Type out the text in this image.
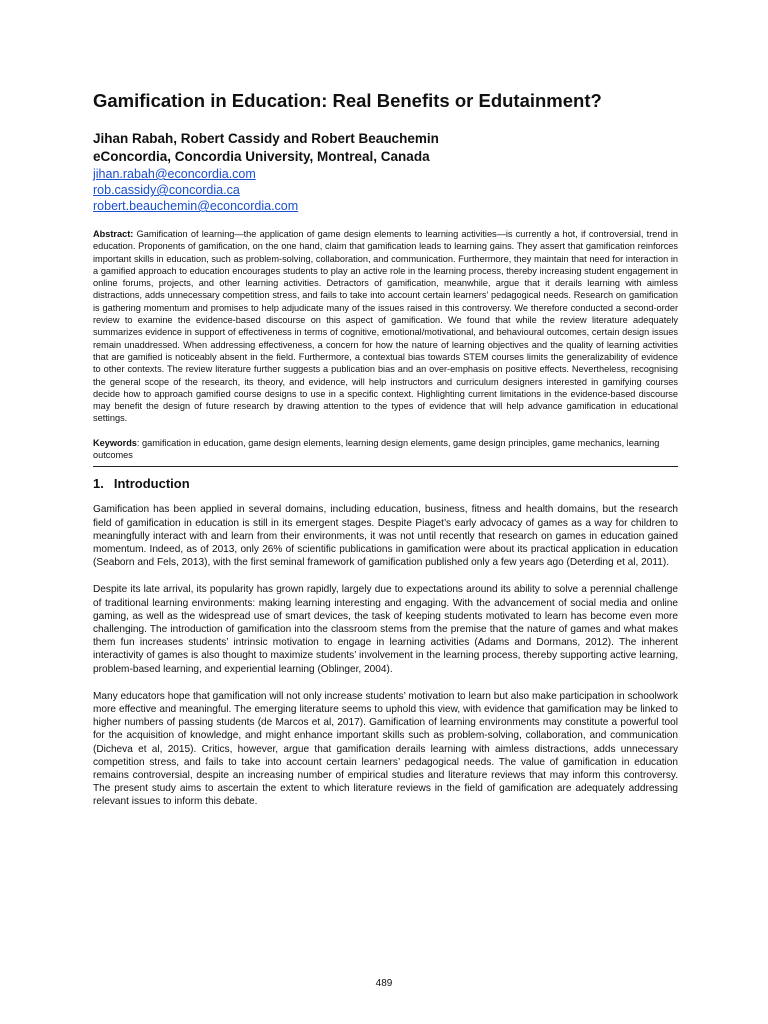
Gamification in Education: Real Benefits or Edutainment?

Jihan Rabah, Robert Cassidy and Robert Beauchemin

eConcordia, Concordia University, Montreal, Canada

jihan.rabah@econcordia.com
rob.cassidy@concordia.ca
robert.beauchemin@econcordia.com

Abstract: Gamification of learning—the application of game design elements to learning activities—is currently a hot, if controversial, trend in education. Proponents of gamification, on the one hand, claim that gamification leads to learning gains. They assert that gamification reinforces important skills in education, such as problem-solving, collaboration, and communication. Furthermore, they maintain that need for interaction in a gamified approach to education encourages students to play an active role in the learning process, thereby increasing student engagement in online forums, projects, and other learning activities. Detractors of gamification, meanwhile, argue that it derails learning with aimless distractions, adds unnecessary competition stress, and fails to take into account certain learners’ pedagogical needs. Research on gamification is gathering momentum and promises to help adjudicate many of the issues raised in this controversy. We therefore conducted a second-order review to examine the evidence-based discourse on this aspect of gamification. We found that while the review literature adequately summarizes evidence in support of effectiveness in terms of cognitive, emotional/motivational, and behavioural outcomes, certain design issues remain unaddressed. When addressing effectiveness, a concern for how the nature of learning objectives and the quality of learning activities that are gamified is noticeably absent in the field. Furthermore, a contextual bias towards STEM courses limits the generalizability of evidence to other contexts. The review literature further suggests a publication bias and an over-emphasis on positive effects. Nevertheless, recognising the general scope of the research, its theory, and evidence, will help instructors and curriculum designers interested in gamifying courses decide how to approach gamified course designs to use in a specific context. Highlighting current limitations in the evidence-based discourse may benefit the design of future research by drawing attention to the types of evidence that will help advance gamification in educational settings.

Keywords: gamification in education, game design elements, learning design elements, game design principles, game mechanics, learning outcomes

1. Introduction

Gamification has been applied in several domains, including education, business, fitness and health domains, but the research field of gamification in education is still in its emergent stages. Despite Piaget’s early advocacy of games as a way for children to meaningfully interact with and learn from their environments, it was not until recently that research on games in education gained momentum. Indeed, as of 2013, only 26% of scientific publications in gamification were about its practical application in education (Seaborn and Fels, 2013), with the first seminal framework of gamification published only a few years ago (Deterding et al, 2011).

Despite its late arrival, its popularity has grown rapidly, largely due to expectations around its ability to solve a perennial challenge of traditional learning environments: making learning interesting and engaging. With the advancement of social media and online gaming, as well as the widespread use of smart devices, the task of keeping students motivated to learn has become even more challenging. The introduction of gamification into the classroom stems from the premise that the nature of games and what makes them fun increases students’ intrinsic motivation to engage in learning activities (Adams and Dormans, 2012). The inherent interactivity of games is also thought to maximize students’ involvement in the learning process, thereby supporting active learning, problem-based learning, and experiential learning (Oblinger, 2004).

Many educators hope that gamification will not only increase students’ motivation to learn but also make participation in schoolwork more effective and meaningful. The emerging literature seems to uphold this view, with evidence that gamification may be linked to higher numbers of passing students (de Marcos et al, 2017). Gamification of learning environments may constitute a powerful tool for the acquisition of knowledge, and might enhance important skills such as problem-solving, collaboration, and communication (Dicheva et al, 2015). Critics, however, argue that gamification derails learning with aimless distractions, adds unnecessary competition stress, and fails to take into account certain learners’ pedagogical needs. The value of gamification in education remains controversial, despite an increasing number of empirical studies and literature reviews that may inform this controversy. The present study aims to ascertain the extent to which literature reviews in the field of gamification are adequately addressing relevant issues to inform this debate.

489
